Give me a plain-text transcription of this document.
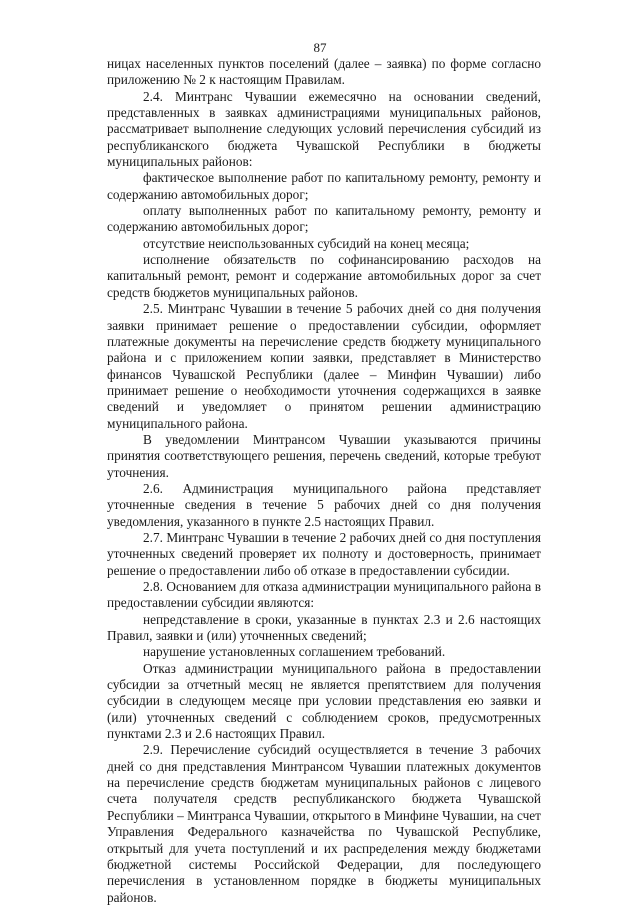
87

ницах населенных пунктов поселений (далее – заявка) по форме согласно приложению № 2 к настоящим Правилам.

2.4. Минтранс Чувашии ежемесячно на основании сведений, представленных в заявках администрациями муниципальных районов, рассматривает выполнение следующих условий перечисления субсидий из республиканского бюджета Чувашской Республики в бюджеты муниципальных районов:

фактическое выполнение работ по капитальному ремонту, ремонту и содержанию автомобильных дорог;

оплату выполненных работ по капитальному ремонту, ремонту и содержанию автомобильных дорог;

отсутствие неиспользованных субсидий на конец месяца;

исполнение обязательств по софинансированию расходов на капитальный ремонт, ремонт и содержание автомобильных дорог за счет средств бюджетов муниципальных районов.

2.5. Минтранс Чувашии в течение 5 рабочих дней со дня получения заявки принимает решение о предоставлении субсидии, оформляет платежные документы на перечисление средств бюджету муниципального района и с приложением копии заявки, представляет в Министерство финансов Чувашской Республики (далее – Минфин Чувашии) либо принимает решение о необходимости уточнения содержащихся в заявке сведений и уведомляет о принятом решении администрацию муниципального района.

В уведомлении Минтрансом Чувашии указываются причины принятия соответствующего решения, перечень сведений, которые требуют уточнения.

2.6. Администрация муниципального района представляет уточненные сведения в течение 5 рабочих дней со дня получения уведомления, указанного в пункте 2.5 настоящих Правил.

2.7. Минтранс Чувашии в течение 2 рабочих дней со дня поступления уточненных сведений проверяет их полноту и достоверность, принимает решение о предоставлении либо об отказе в предоставлении субсидии.

2.8. Основанием для отказа администрации муниципального района в предоставлении субсидии являются:

непредставление в сроки, указанные в пунктах 2.3 и 2.6 настоящих Правил, заявки и (или) уточненных сведений;

нарушение установленных соглашением требований.

Отказ администрации муниципального района в предоставлении субсидии за отчетный месяц не является препятствием для получения субсидии в следующем месяце при условии представления ею заявки и (или) уточненных сведений с соблюдением сроков, предусмотренных пунктами 2.3 и 2.6 настоящих Правил.

2.9. Перечисление субсидий осуществляется в течение 3 рабочих дней со дня представления Минтрансом Чувашии платежных документов на перечисление средств бюджетам муниципальных районов с лицевого счета получателя средств республиканского бюджета Чувашской Республики – Минтранса Чувашии, открытого в Минфине Чувашии, на счет Управления Федерального казначейства по Чувашской Республике, открытый для учета поступлений и их распределения между бюджетами бюджетной системы Российской Федерации, для последующего перечисления в установленном порядке в бюджеты муниципальных районов.
